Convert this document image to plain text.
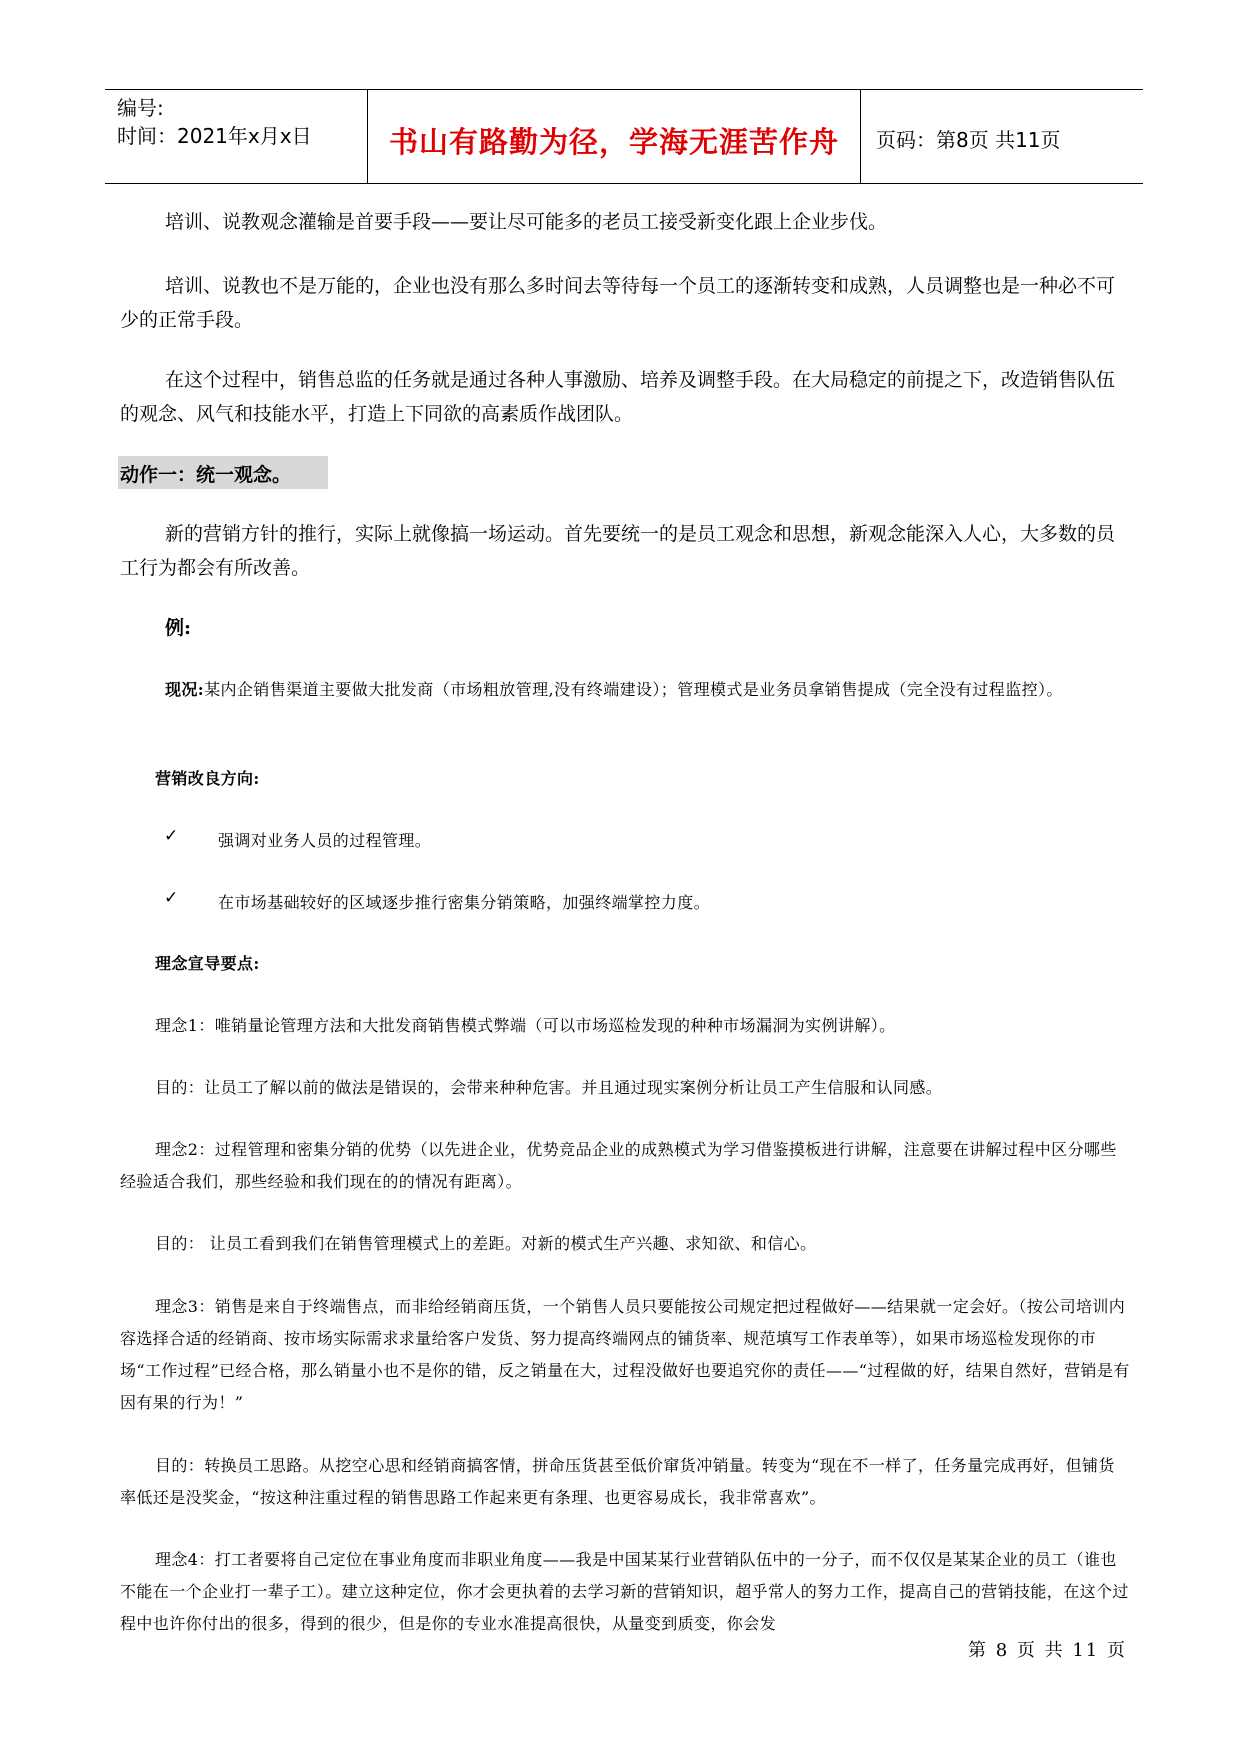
编号:
时间：2021年x月x日	书山有路勤为径，学海无涯苦作舟	页码：第8页 共11页

培训、说教观念灌输是首要手段——要让尽可能多的老员工接受新变化跟上企业步伐。

培训、说教也不是万能的，企业也没有那么多时间去等待每一个员工的逐渐转变和成熟，人员调整也是一种必不可少的正常手段。

在这个过程中，销售总监的任务就是通过各种人事激励、培养及调整手段。在大局稳定的前提之下，改造销售队伍的观念、风气和技能水平，打造上下同欲的高素质作战团队。

动作一：统一观念。

新的营销方针的推行，实际上就像搞一场运动。首先要统一的是员工观念和思想，新观念能深入人心，大多数的员工行为都会有所改善。

例:

现况:某内企销售渠道主要做大批发商（市场粗放管理,没有终端建设）；管理模式是业务员拿销售提成（完全没有过程监控）。

营销改良方向:

✓ 强调对业务人员的过程管理。
✓ 在市场基础较好的区域逐步推行密集分销策略，加强终端掌控力度。

理念宣导要点:

理念1：唯销量论管理方法和大批发商销售模式弊端（可以市场巡检发现的种种市场漏洞为实例讲解）。

目的：让员工了解以前的做法是错误的，会带来种种危害。并且通过现实案例分析让员工产生信服和认同感。

理念2：过程管理和密集分销的优势（以先进企业，优势竞品企业的成熟模式为学习借鉴摸板进行讲解，注意要在讲解过程中区分哪些经验适合我们，那些经验和我们现在的的情况有距离）。

目的： 让员工看到我们在销售管理模式上的差距。对新的模式生产兴趣、求知欲、和信心。

理念3：销售是来自于终端售点，而非给经销商压货，一个销售人员只要能按公司规定把过程做好——结果就一定会好。（按公司培训内容选择合适的经销商、按市场实际需求求量给客户发货、努力提高终端网点的铺货率、规范填写工作表单等），如果市场巡检发现你的市场“工作过程”已经合格，那么销量小也不是你的错，反之销量在大，过程没做好也要追究你的责任——“过程做的好，结果自然好，营销是有因有果的行为！”

目的：转换员工思路。从挖空心思和经销商搞客情，拼命压货甚至低价窜货冲销量。转变为“现在不一样了，任务量完成再好，但铺货率低还是没奖金，“按这种注重过程的销售思路工作起来更有条理、也更容易成长，我非常喜欢”。

理念4：打工者要将自己定位在事业角度而非职业角度——我是中国某某行业营销队伍中的一分子，而不仅仅是某某企业的员工（谁也不能在一个企业打一辈子工）。建立这种定位，你才会更执着的去学习新的营销知识，超乎常人的努力工作，提高自己的营销技能，在这个过程中也许你付出的很多，得到的很少，但是你的专业水准提高很快，从量变到质变，你会发

第 8 页 共 11 页
